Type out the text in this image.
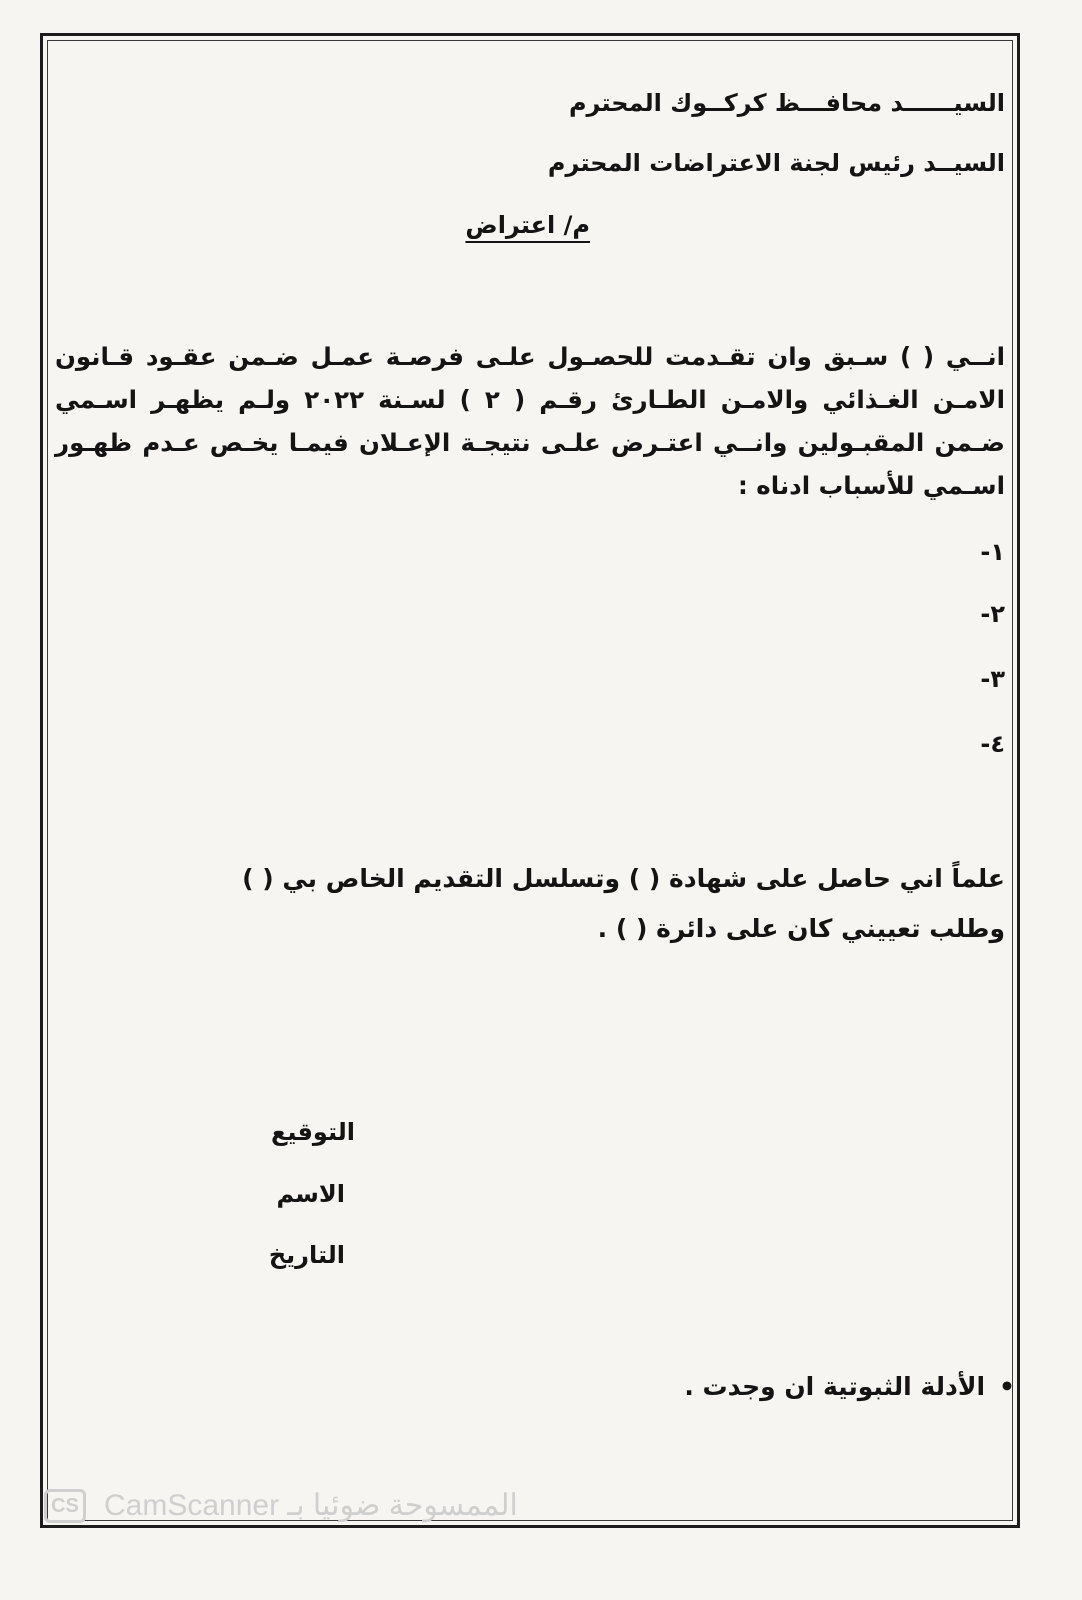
السيــــــد محافـــظ كركــوك المحترم

السيــد رئيس لجنة الاعتراضات المحترم

م/ اعتراض

انــي ( ) سـبق وان تقـدمت للحصـول علـى فرصـة عمـل ضـمن عقـود قـانون الامـن الغـذائي والامـن الطـارئ رقـم ( ٢ ) لسـنة ٢٠٢٢ ولـم يظهـر اسـمي ضـمن المقبـولين وانــي اعتـرض علـى نتيجـة الإعـلان فيمـا يخـص عـدم ظهـور اسـمي للأسباب ادناه :

١-

٢-

٣-

٤-

علماً اني حاصل على شهادة ( ) وتسلسل التقديم الخاص بي ( )

وطلب تعييني كان على دائرة ( ) .

التوقيع

الاسم

التاريخ

•الأدلة الثبوتية ان وجدت .

CS CamScanner الممسوحة ضوئيا بـ
